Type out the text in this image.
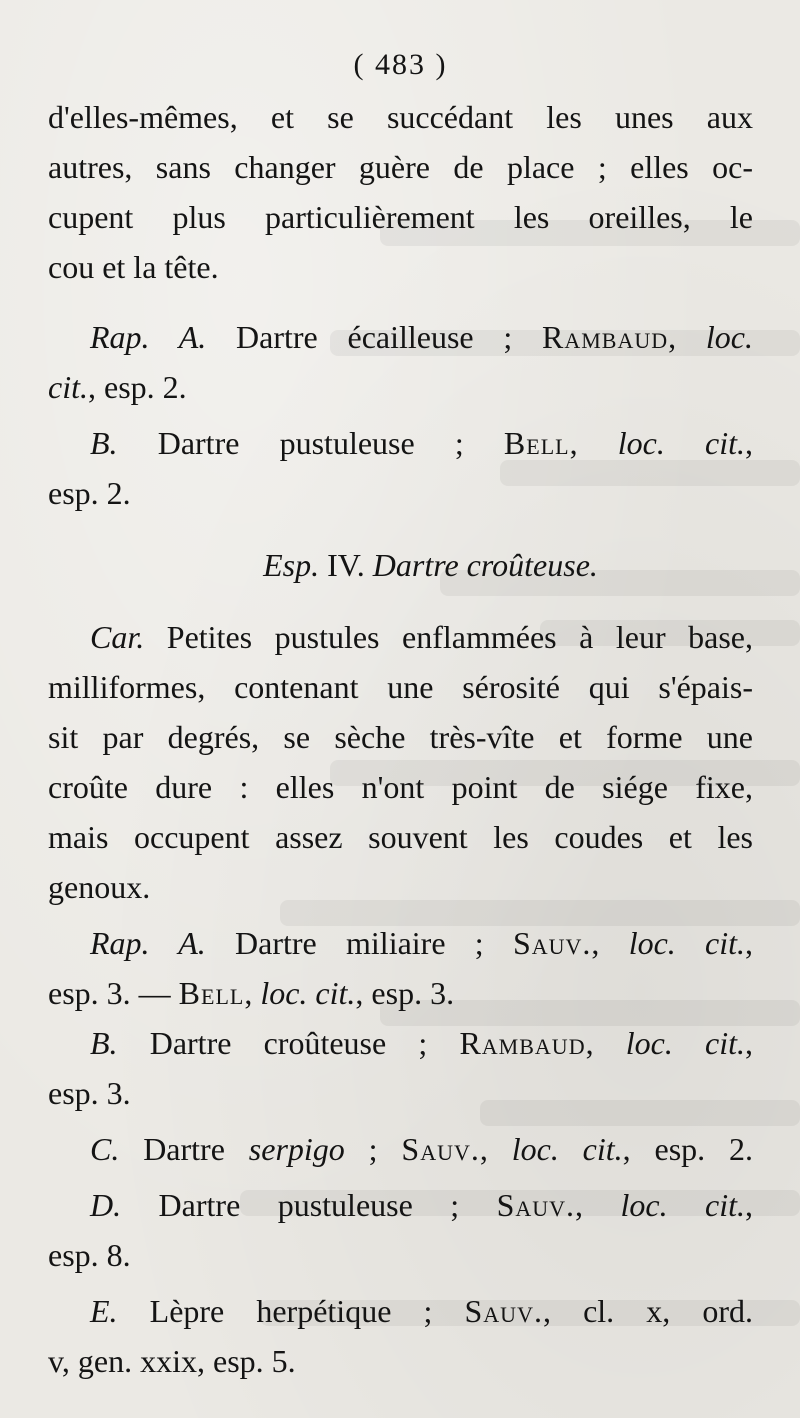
( 483 )
d'elles-mêmes, et se succédant les unes aux
autres, sans changer guère de place ; elles oc-
cupent plus particulièrement les oreilles, le
cou et la tête.
Rap. A. Dartre écailleuse ; Rambaud, loc.
cit., esp. 2.
B. Dartre pustuleuse ; Bell, loc. cit.,
esp. 2.
Esp. IV. Dartre croûteuse.
Car. Petites pustules enflammées à leur base,
milliformes, contenant une sérosité qui s'épais-
sit par degrés, se sèche très-vîte et forme une
croûte dure : elles n'ont point de siége fixe,
mais occupent assez souvent les coudes et les
genoux.
Rap. A. Dartre miliaire ; Sauv., loc. cit.,
esp. 3. — Bell, loc. cit., esp. 3.
B. Dartre croûteuse ; Rambaud, loc. cit.,
esp. 3.
C. Dartre serpigo ; Sauv., loc. cit., esp. 2.
D. Dartre pustuleuse ; Sauv., loc. cit.,
esp. 8.
E. Lèpre herpétique ; Sauv., cl. x, ord.
v, gen. xxix, esp. 5.
